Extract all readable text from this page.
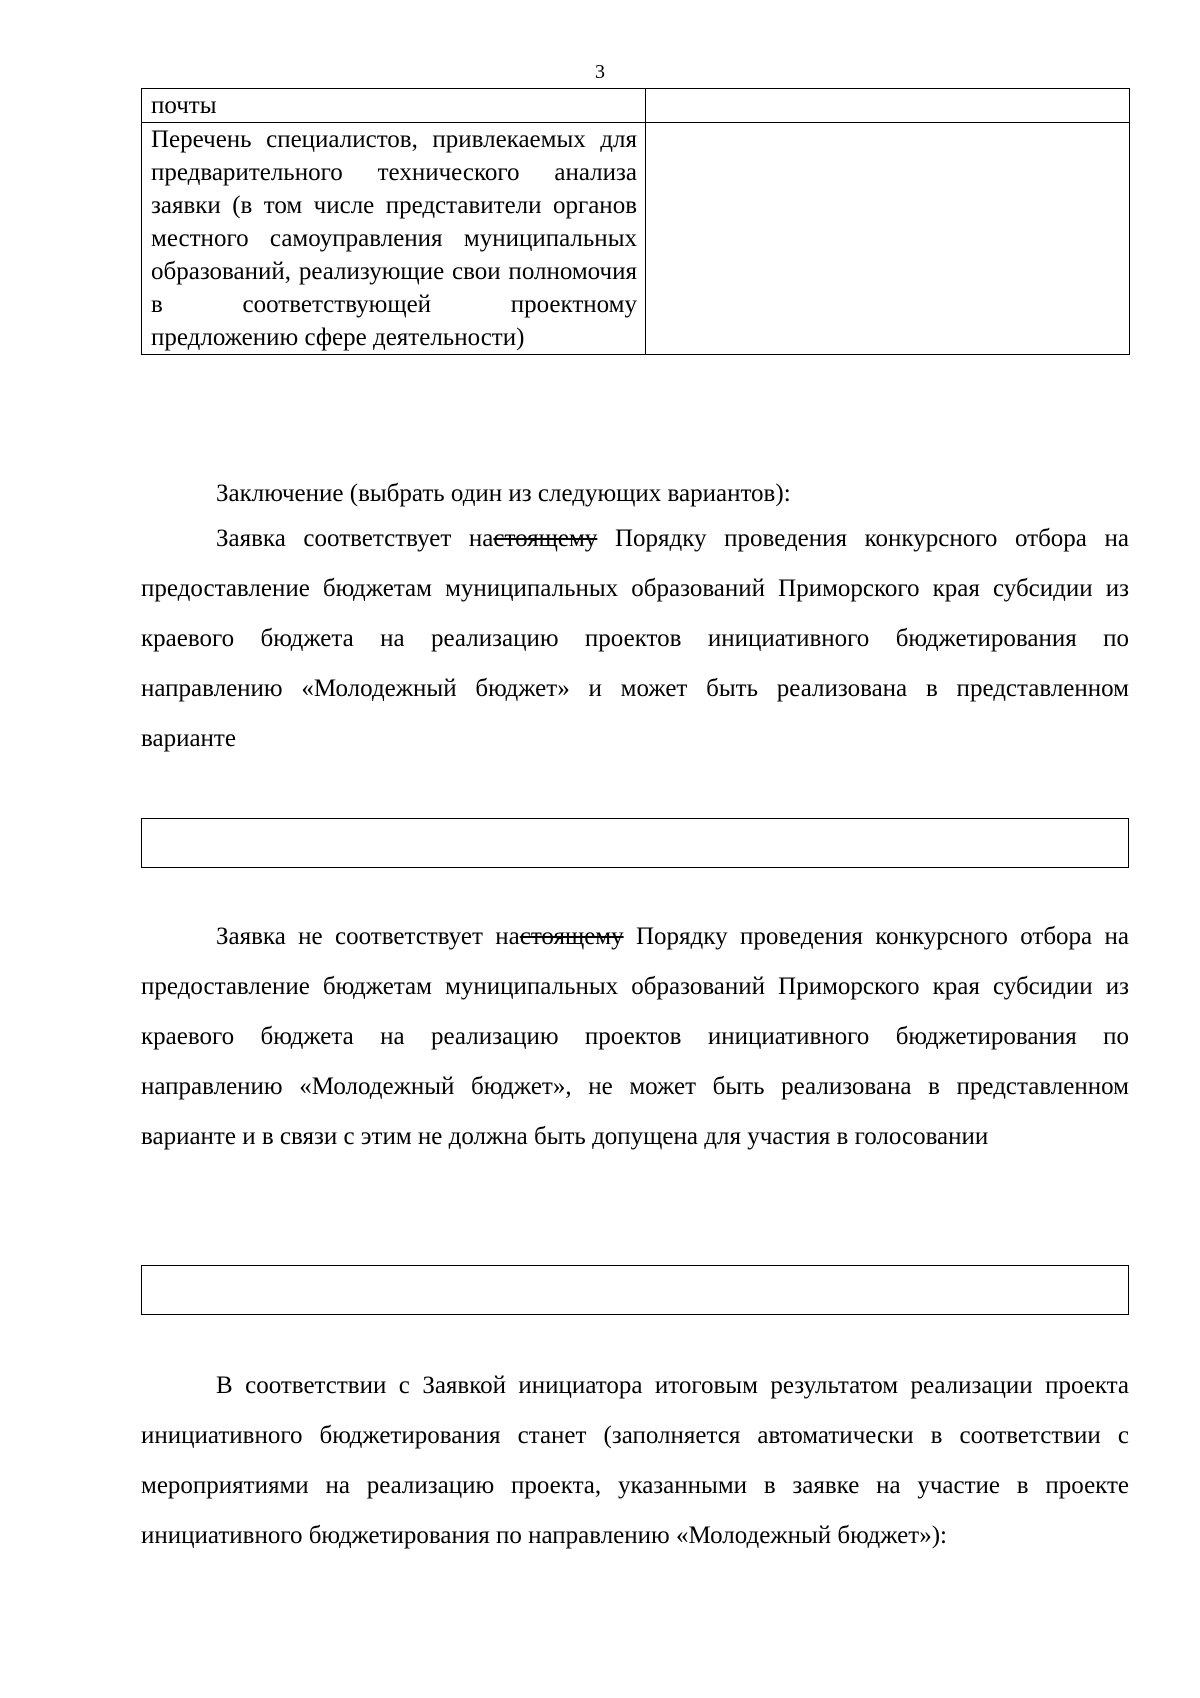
3
почты	
Перечень специалистов, привлекаемых для предварительного технического анализа заявки (в том числе представители органов местного самоуправления муниципальных образований, реализующие свои полномочия в соответствующей проектному предложению сфере деятельности)	

Заключение (выбрать один из следующих вариантов):

Заявка соответствует настоящему Порядку проведения конкурсного отбора на предоставление бюджетам муниципальных образований Приморского края субсидии из краевого бюджета на реализацию проектов инициативного бюджетирования по направлению «Молодежный бюджет» и может быть реализована в представленном варианте

Заявка не соответствует настоящему Порядку проведения конкурсного отбора на предоставление бюджетам муниципальных образований Приморского края субсидии из краевого бюджета на реализацию проектов инициативного бюджетирования по направлению «Молодежный бюджет», не может быть реализована в представленном варианте и в связи с этим не должна быть допущена для участия в голосовании

В соответствии с Заявкой инициатора итоговым результатом реализации проекта инициативного бюджетирования станет (заполняется автоматически в соответствии с мероприятиями на реализацию проекта, указанными в заявке на участие в проекте инициативного бюджетирования по направлению «Молодежный бюджет»):
